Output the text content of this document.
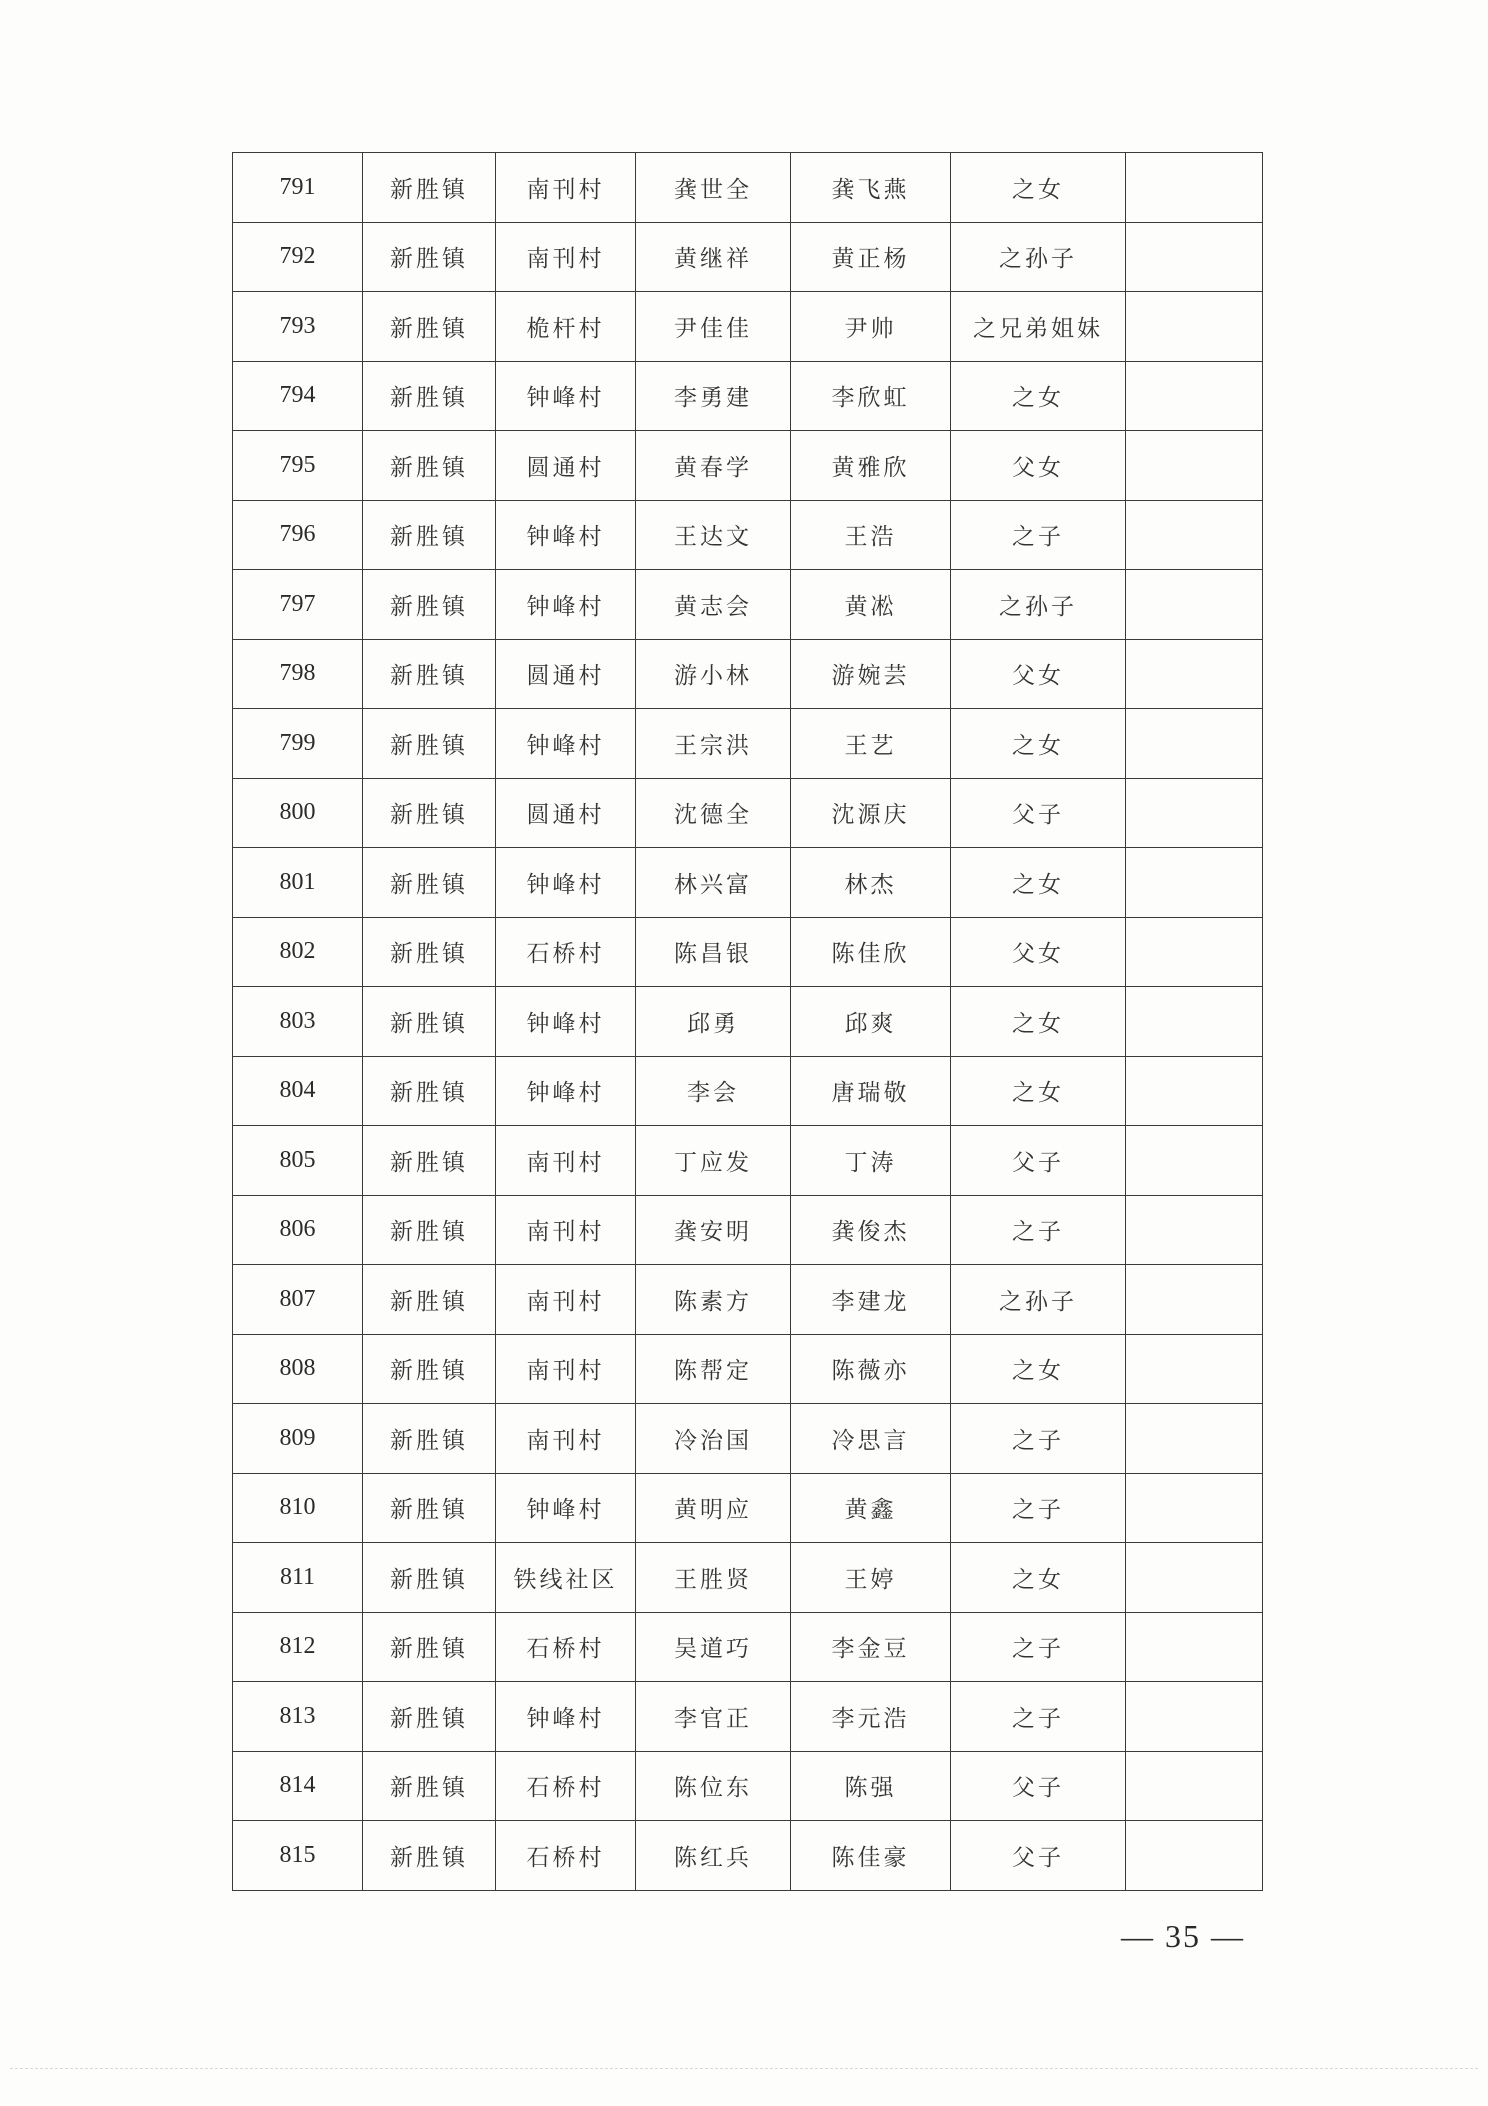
791	新胜镇	南刊村	龚世全	龚飞燕	之女	
792	新胜镇	南刊村	黄继祥	黄正杨	之孙子	
793	新胜镇	桅杆村	尹佳佳	尹帅	之兄弟姐妹	
794	新胜镇	钟峰村	李勇建	李欣虹	之女	
795	新胜镇	圆通村	黄春学	黄雅欣	父女	
796	新胜镇	钟峰村	王达文	王浩	之子	
797	新胜镇	钟峰村	黄志会	黄凇	之孙子	
798	新胜镇	圆通村	游小林	游婉芸	父女	
799	新胜镇	钟峰村	王宗洪	王艺	之女	
800	新胜镇	圆通村	沈德全	沈源庆	父子	
801	新胜镇	钟峰村	林兴富	林杰	之女	
802	新胜镇	石桥村	陈昌银	陈佳欣	父女	
803	新胜镇	钟峰村	邱勇	邱爽	之女	
804	新胜镇	钟峰村	李会	唐瑞敬	之女	
805	新胜镇	南刊村	丁应发	丁涛	父子	
806	新胜镇	南刊村	龚安明	龚俊杰	之子	
807	新胜镇	南刊村	陈素方	李建龙	之孙子	
808	新胜镇	南刊村	陈帮定	陈薇亦	之女	
809	新胜镇	南刊村	冷治国	冷思言	之子	
810	新胜镇	钟峰村	黄明应	黄鑫	之子	
811	新胜镇	铁线社区	王胜贤	王婷	之女	
812	新胜镇	石桥村	吴道巧	李金豆	之子	
813	新胜镇	钟峰村	李官正	李元浩	之子	
814	新胜镇	石桥村	陈位东	陈强	父子	
815	新胜镇	石桥村	陈红兵	陈佳豪	父子	
— 35 —
